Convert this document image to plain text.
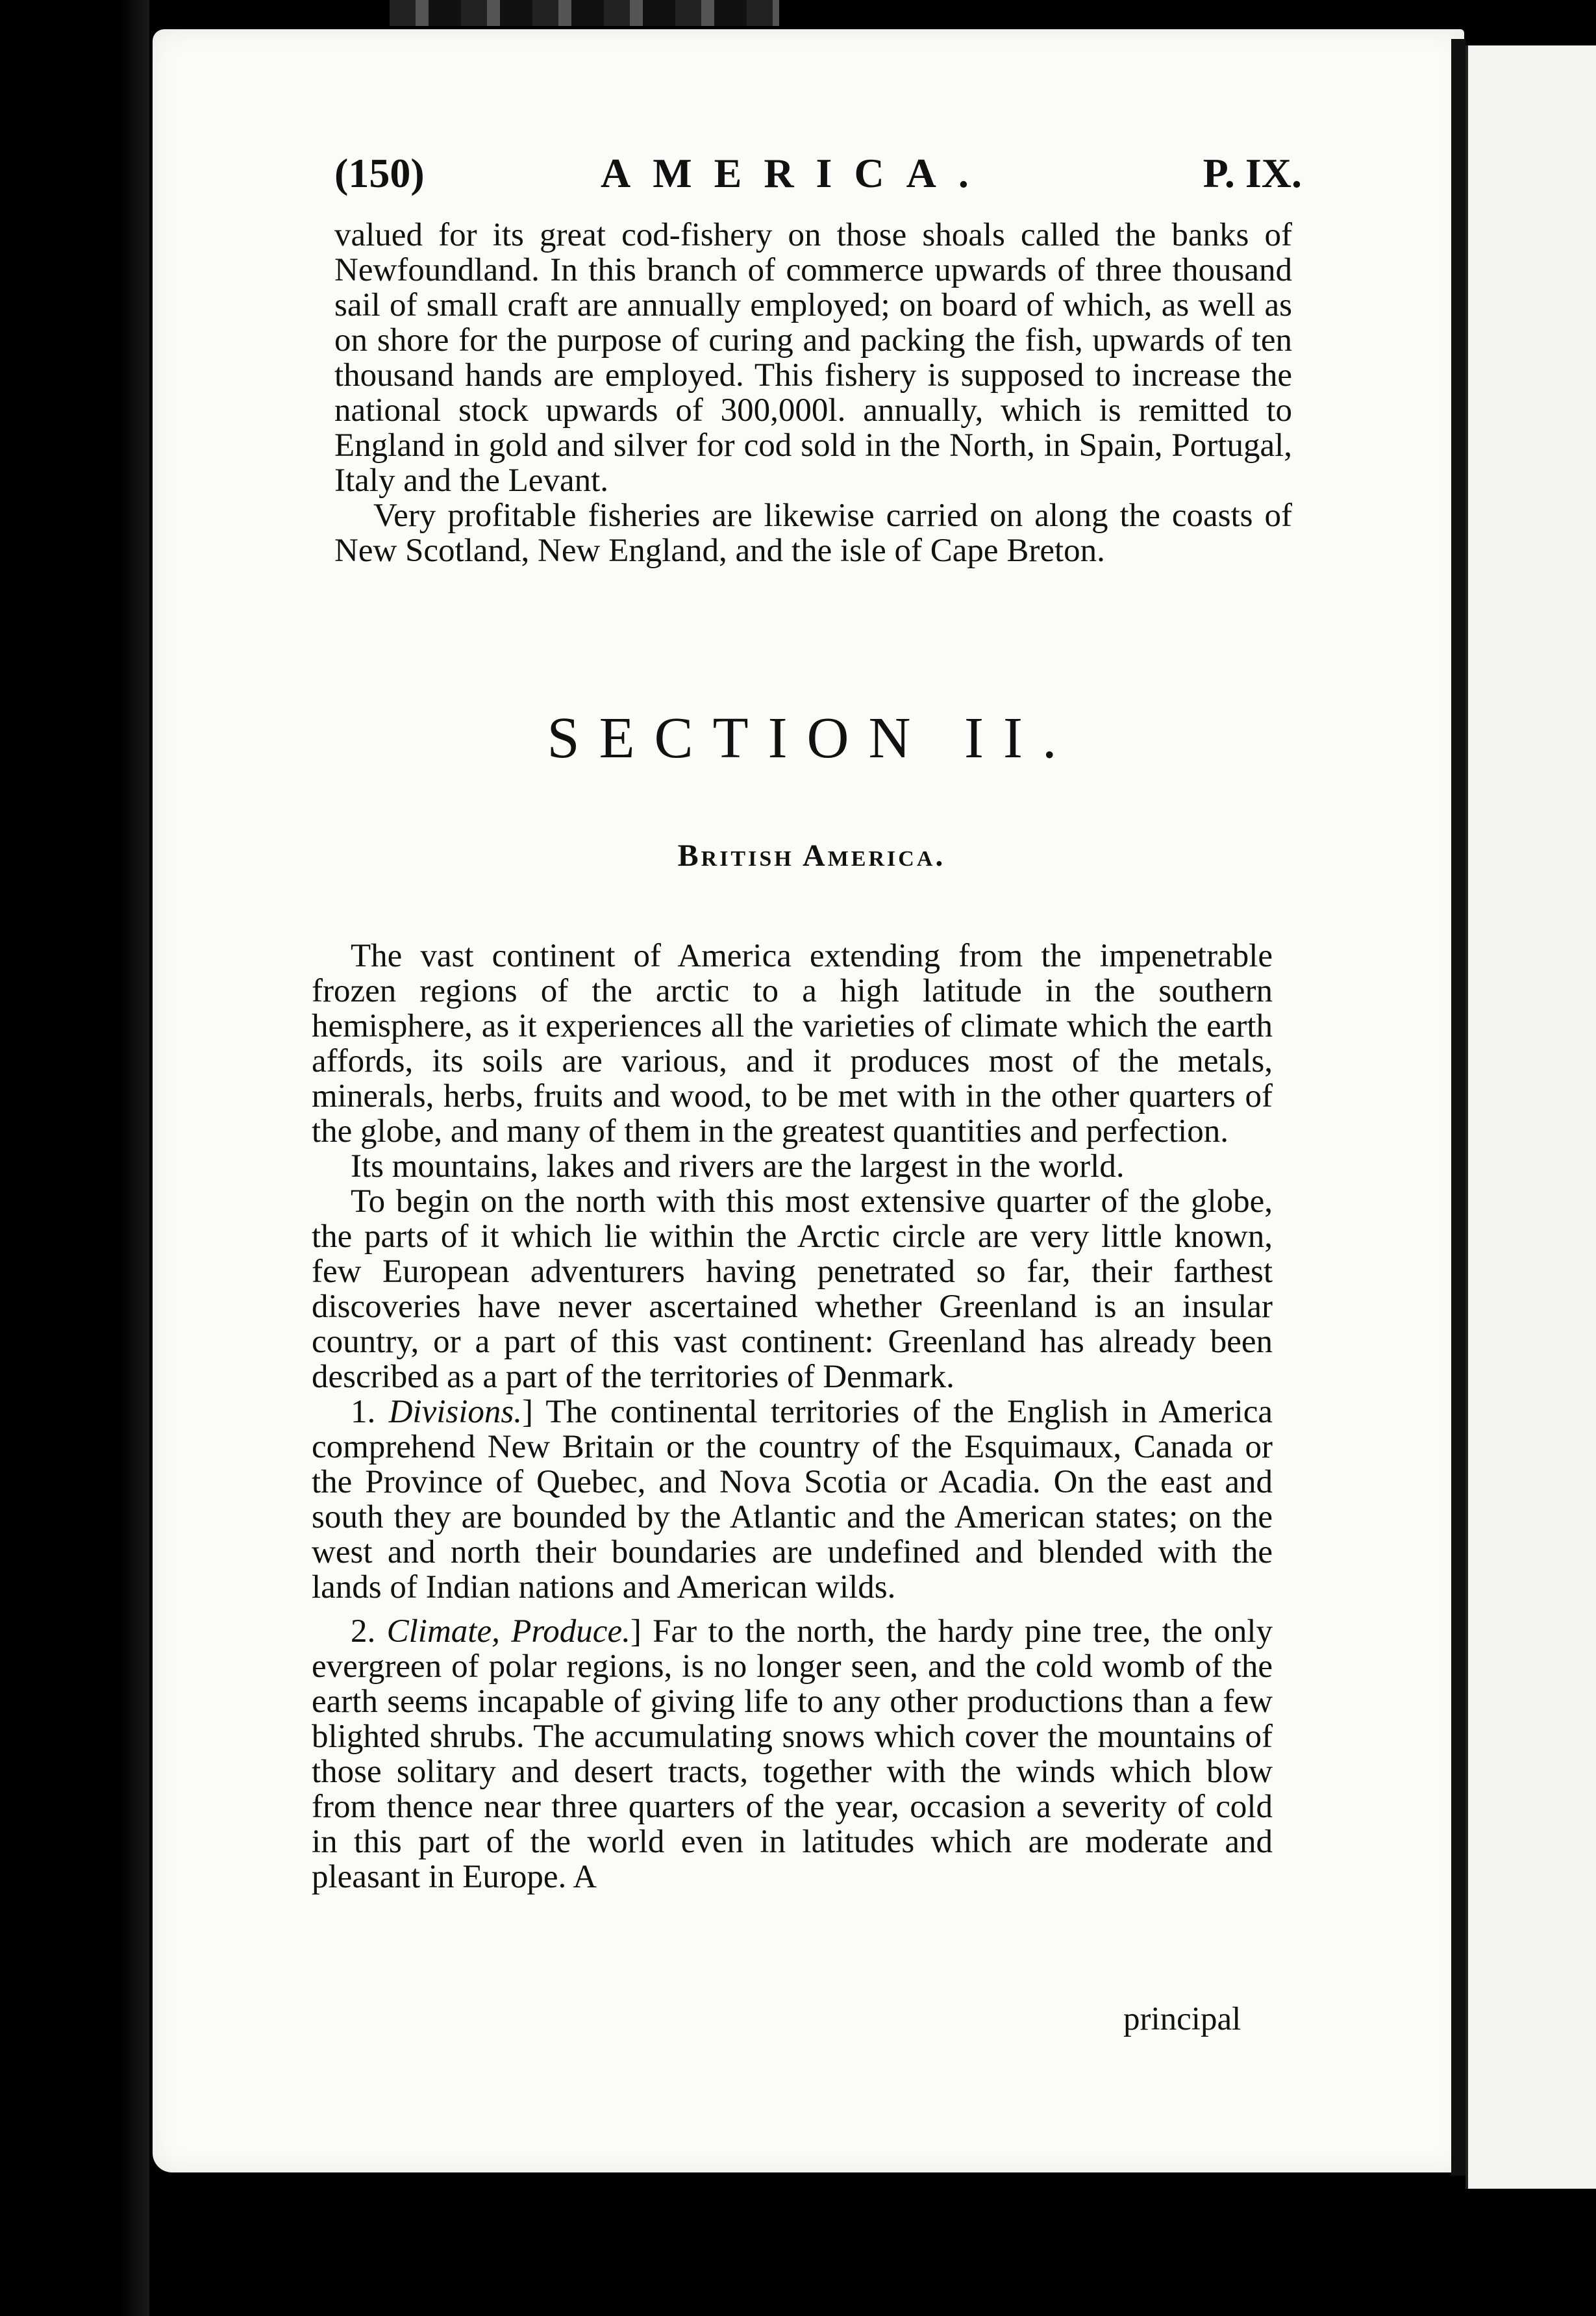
(150)	AMERICA.	P. IX.

valued for its great cod-fishery on those shoals called the banks of Newfoundland. In this branch of commerce upwards of three thousand sail of small craft are annually employed; on board of which, as well as on shore for the purpose of curing and packing the fish, upwards of ten thousand hands are employed. This fishery is supposed to increase the national stock upwards of 300,000l. annually, which is remitted to England in gold and silver for cod sold in the North, in Spain, Portugal, Italy and the Levant.

Very profitable fisheries are likewise carried on along the coasts of New Scotland, New England, and the isle of Cape Breton.

SECTION II.
British America.

The vast continent of America extending from the impenetrable frozen regions of the arctic to a high latitude in the southern hemisphere, as it experiences all the varieties of climate which the earth affords, its soils are various, and it produces most of the metals, minerals, herbs, fruits and wood, to be met with in the other quarters of the globe, and many of them in the greatest quantities and perfection.

Its mountains, lakes and rivers are the largest in the world.

To begin on the north with this most extensive quarter of the globe, the parts of it which lie within the Arctic circle are very little known, few European adventurers having penetrated so far, their farthest discoveries have never ascertained whether Greenland is an insular country, or a part of this vast continent: Greenland has already been described as a part of the territories of Denmark.

1. Divisions.] The continental territories of the English in America comprehend New Britain or the country of the Esquimaux, Canada or the Province of Quebec, and Nova Scotia or Acadia. On the east and south they are bounded by the Atlantic and the American states; on the west and north their boundaries are undefined and blended with the lands of Indian nations and American wilds.

2. Climate, Produce.] Far to the north, the hardy pine tree, the only evergreen of polar regions, is no longer seen, and the cold womb of the earth seems incapable of giving life to any other productions than a few blighted shrubs. The accumulating snows which cover the mountains of those solitary and desert tracts, together with the winds which blow from thence near three quarters of the year, occasion a severity of cold in this part of the world even in latitudes which are moderate and pleasant in Europe. A

principal
